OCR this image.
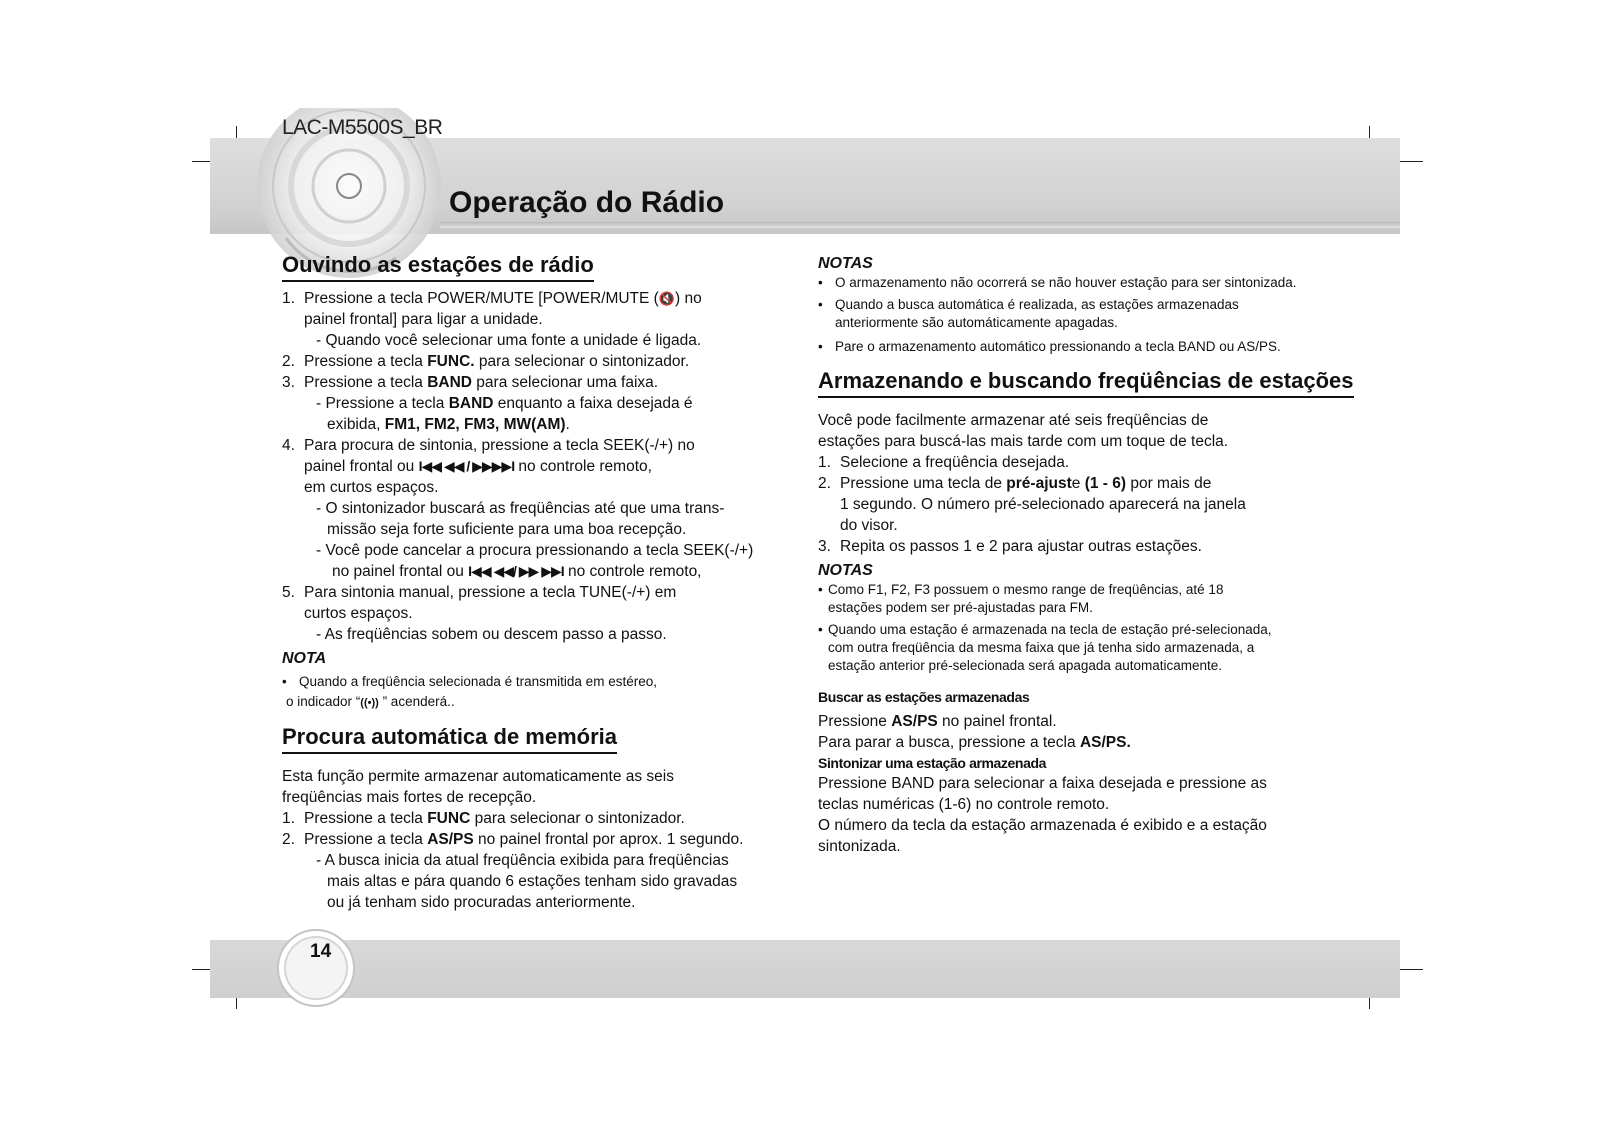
LAC-M5500S_BR
Operação do Rádio
14
Ouvindo as estações de rádio
1. Pressione a tecla POWER/MUTE [POWER/MUTE (🔇) no
painel frontal] para ligar a unidade.
- Quando você selecionar uma fonte a unidade é ligada.
2. Pressione a tecla FUNC. para selecionar o sintonizador.
3. Pressione a tecla BAND para selecionar uma faixa.
- Pressione a tecla BAND enquanto a faixa desejada é
exibida, FM1, FM2, FM3, MW(AM).
4. Para procura de sintonia, pressione a tecla SEEK(-/+) no
painel frontal ou I◀◀ ◀◀ / ▶▶▶▶I no controle remoto,
em curtos espaços.
- O sintonizador buscará as freqüências até que uma trans-
missão seja forte suficiente para uma boa recepção.
- Você pode cancelar a procura pressionando a tecla SEEK(-/+)
no painel frontal ou I◀◀ ◀◀/ ▶▶ ▶▶I no controle remoto,
5. Para sintonia manual, pressione a tecla TUNE(-/+) em
curtos espaços.
- As freqüências sobem ou descem passo a passo.
NOTA
• Quando a freqüência selecionada é transmitida em estéreo,
o indicador “((•)) ” acenderá..
Procura automática de memória
Esta função permite armazenar automaticamente as seis
freqüências mais fortes de recepção.
1. Pressione a tecla FUNC para selecionar o sintonizador.
2. Pressione a tecla AS/PS no painel frontal por aprox. 1 segundo.
- A busca inicia da atual freqüência exibida para freqüências
mais altas e pára quando 6 estações tenham sido gravadas
ou já tenham sido procuradas anteriormente.
NOTAS
• O armazenamento não ocorrerá se não houver estação para ser sintonizada.
• Quando a busca automática é realizada, as estações armazenadas
anteriormente são automáticamente apagadas.
• Pare o armazenamento automático pressionando a tecla BAND ou AS/PS.
Armazenando e buscando freqüências de estações
Você pode facilmente armazenar até seis freqüências de
estações para buscá-las mais tarde com um toque de tecla.
1. Selecione a freqüência desejada.
2. Pressione uma tecla de pré-ajuste (1 - 6) por mais de
1 segundo. O número pré-selecionado aparecerá na janela
do visor.
3. Repita os passos 1 e 2 para ajustar outras estações.
NOTAS
• Como F1, F2, F3 possuem o mesmo range de freqüências, até 18
estações podem ser pré-ajustadas para FM.
• Quando uma estação é armazenada na tecla de estação pré-selecionada,
com outra freqüência da mesma faixa que já tenha sido armazenada, a
estação anterior pré-selecionada será apagada automaticamente.
Buscar as estações armazenadas
Pressione AS/PS no painel frontal.
Para parar a busca, pressione a tecla AS/PS.
Sintonizar uma estação armazenada
Pressione BAND para selecionar a faixa desejada e pressione as
teclas numéricas (1-6) no controle remoto.
O número da tecla da estação armazenada é exibido e a estação
sintonizada.
